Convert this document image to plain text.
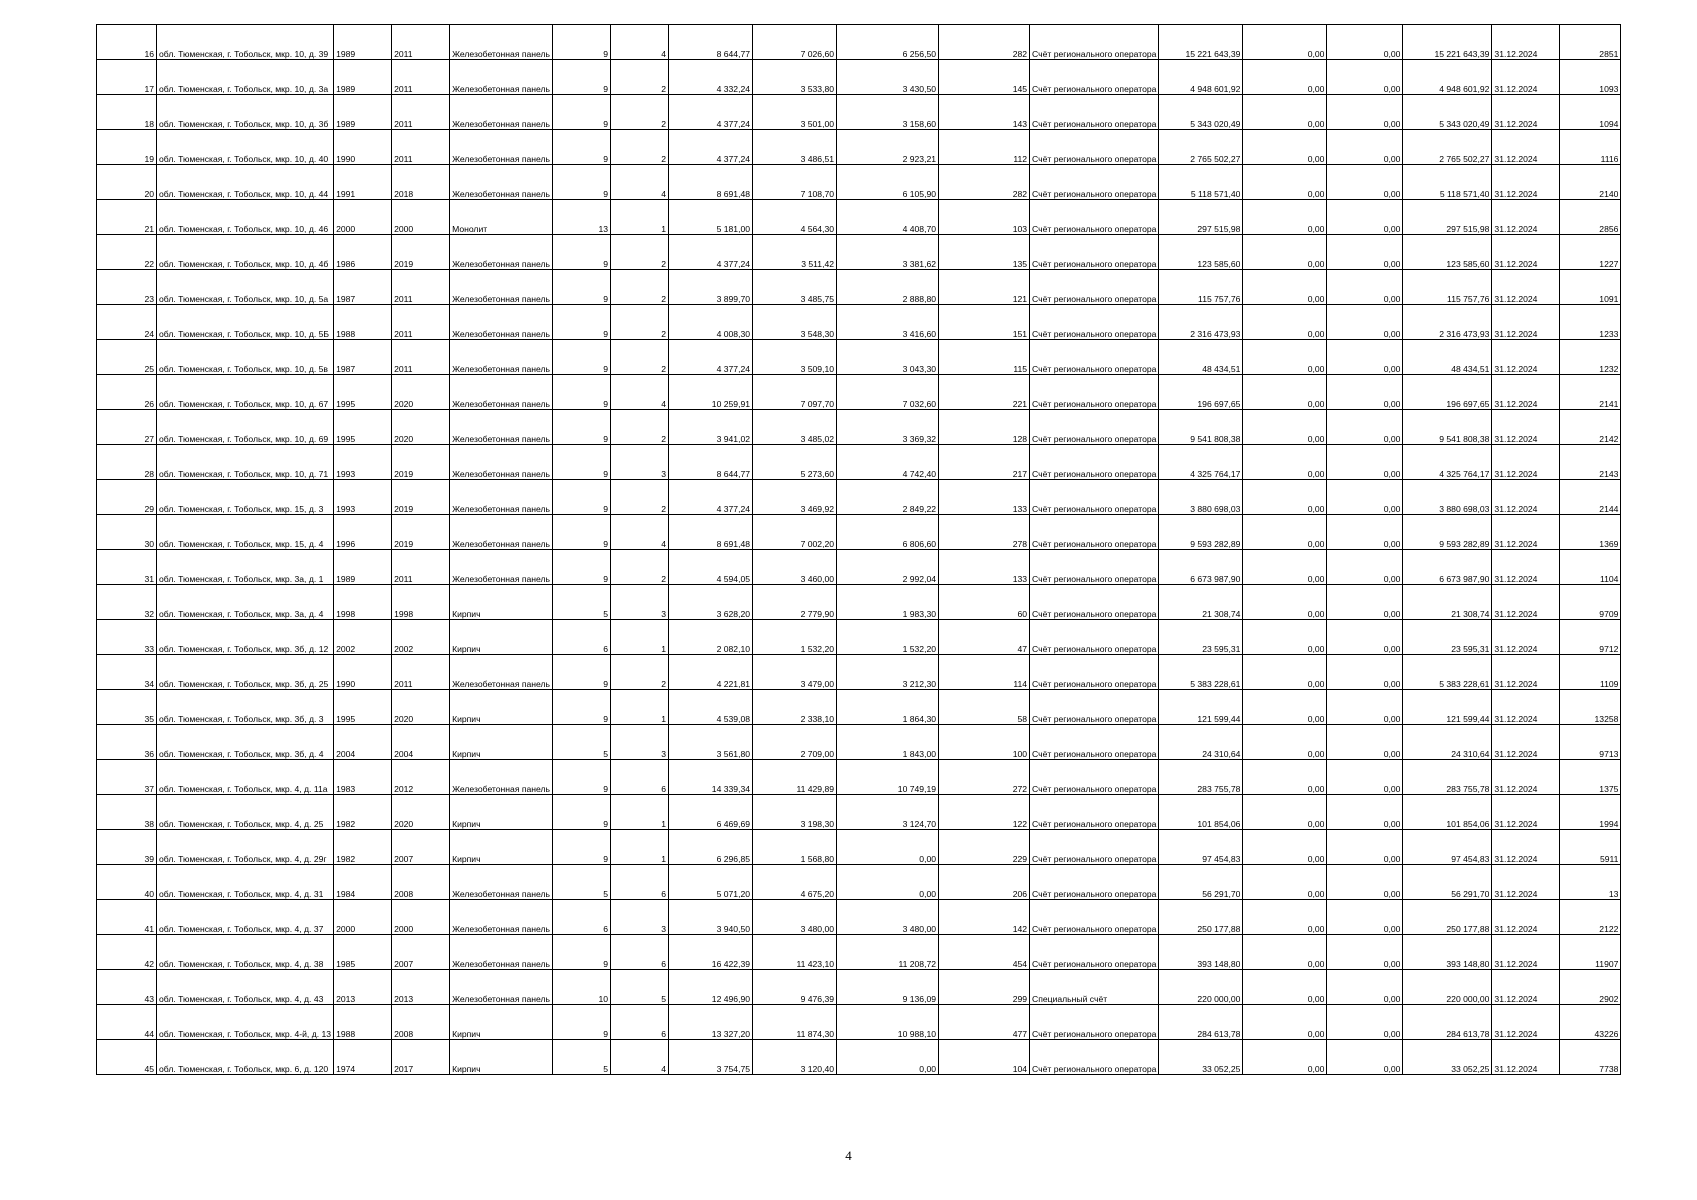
16	обл. Тюменская, г. Тобольск, мкр. 10, д. 39	1989	2011	Железобетонная панель	9	4	8 644,77	7 026,60	6 256,50	282	Счёт регионального оператора	15 221 643,39	0,00	0,00	15 221 643,39	31.12.2024	2851
17	обл. Тюменская, г. Тобольск, мкр. 10, д. 3а	1989	2011	Железобетонная панель	9	2	4 332,24	3 533,80	3 430,50	145	Счёт регионального оператора	4 948 601,92	0,00	0,00	4 948 601,92	31.12.2024	1093
18	обл. Тюменская, г. Тобольск, мкр. 10, д. 3б	1989	2011	Железобетонная панель	9	2	4 377,24	3 501,00	3 158,60	143	Счёт регионального оператора	5 343 020,49	0,00	0,00	5 343 020,49	31.12.2024	1094
19	обл. Тюменская, г. Тобольск, мкр. 10, д. 40	1990	2011	Железобетонная панель	9	2	4 377,24	3 486,51	2 923,21	112	Счёт регионального оператора	2 765 502,27	0,00	0,00	2 765 502,27	31.12.2024	1116
20	обл. Тюменская, г. Тобольск, мкр. 10, д. 44	1991	2018	Железобетонная панель	9	4	8 691,48	7 108,70	6 105,90	282	Счёт регионального оператора	5 118 571,40	0,00	0,00	5 118 571,40	31.12.2024	2140
21	обл. Тюменская, г. Тобольск, мкр. 10, д. 46	2000	2000	Монолит	13	1	5 181,00	4 564,30	4 408,70	103	Счёт регионального оператора	297 515,98	0,00	0,00	297 515,98	31.12.2024	2856
22	обл. Тюменская, г. Тобольск, мкр. 10, д. 4б	1986	2019	Железобетонная панель	9	2	4 377,24	3 511,42	3 381,62	135	Счёт регионального оператора	123 585,60	0,00	0,00	123 585,60	31.12.2024	1227
23	обл. Тюменская, г. Тобольск, мкр. 10, д. 5а	1987	2011	Железобетонная панель	9	2	3 899,70	3 485,75	2 888,80	121	Счёт регионального оператора	115 757,76	0,00	0,00	115 757,76	31.12.2024	1091
24	обл. Тюменская, г. Тобольск, мкр. 10, д. 5Б	1988	2011	Железобетонная панель	9	2	4 008,30	3 548,30	3 416,60	151	Счёт регионального оператора	2 316 473,93	0,00	0,00	2 316 473,93	31.12.2024	1233
25	обл. Тюменская, г. Тобольск, мкр. 10, д. 5в	1987	2011	Железобетонная панель	9	2	4 377,24	3 509,10	3 043,30	115	Счёт регионального оператора	48 434,51	0,00	0,00	48 434,51	31.12.2024	1232
26	обл. Тюменская, г. Тобольск, мкр. 10, д. 67	1995	2020	Железобетонная панель	9	4	10 259,91	7 097,70	7 032,60	221	Счёт регионального оператора	196 697,65	0,00	0,00	196 697,65	31.12.2024	2141
27	обл. Тюменская, г. Тобольск, мкр. 10, д. 69	1995	2020	Железобетонная панель	9	2	3 941,02	3 485,02	3 369,32	128	Счёт регионального оператора	9 541 808,38	0,00	0,00	9 541 808,38	31.12.2024	2142
28	обл. Тюменская, г. Тобольск, мкр. 10, д. 71	1993	2019	Железобетонная панель	9	3	8 644,77	5 273,60	4 742,40	217	Счёт регионального оператора	4 325 764,17	0,00	0,00	4 325 764,17	31.12.2024	2143
29	обл. Тюменская, г. Тобольск, мкр. 15, д. 3	1993	2019	Железобетонная панель	9	2	4 377,24	3 469,92	2 849,22	133	Счёт регионального оператора	3 880 698,03	0,00	0,00	3 880 698,03	31.12.2024	2144
30	обл. Тюменская, г. Тобольск, мкр. 15, д. 4	1996	2019	Железобетонная панель	9	4	8 691,48	7 002,20	6 806,60	278	Счёт регионального оператора	9 593 282,89	0,00	0,00	9 593 282,89	31.12.2024	1369
31	обл. Тюменская, г. Тобольск, мкр. 3а, д. 1	1989	2011	Железобетонная панель	9	2	4 594,05	3 460,00	2 992,04	133	Счёт регионального оператора	6 673 987,90	0,00	0,00	6 673 987,90	31.12.2024	1104
32	обл. Тюменская, г. Тобольск, мкр. 3а, д. 4	1998	1998	Кирпич	5	3	3 628,20	2 779,90	1 983,30	60	Счёт регионального оператора	21 308,74	0,00	0,00	21 308,74	31.12.2024	9709
33	обл. Тюменская, г. Тобольск, мкр. 3б, д. 12	2002	2002	Кирпич	6	1	2 082,10	1 532,20	1 532,20	47	Счёт регионального оператора	23 595,31	0,00	0,00	23 595,31	31.12.2024	9712
34	обл. Тюменская, г. Тобольск, мкр. 3б, д. 25	1990	2011	Железобетонная панель	9	2	4 221,81	3 479,00	3 212,30	114	Счёт регионального оператора	5 383 228,61	0,00	0,00	5 383 228,61	31.12.2024	1109
35	обл. Тюменская, г. Тобольск, мкр. 3б, д. 3	1995	2020	Кирпич	9	1	4 539,08	2 338,10	1 864,30	58	Счёт регионального оператора	121 599,44	0,00	0,00	121 599,44	31.12.2024	13258
36	обл. Тюменская, г. Тобольск, мкр. 3б, д. 4	2004	2004	Кирпич	5	3	3 561,80	2 709,00	1 843,00	100	Счёт регионального оператора	24 310,64	0,00	0,00	24 310,64	31.12.2024	9713
37	обл. Тюменская, г. Тобольск, мкр. 4, д. 11а	1983	2012	Железобетонная панель	9	6	14 339,34	11 429,89	10 749,19	272	Счёт регионального оператора	283 755,78	0,00	0,00	283 755,78	31.12.2024	1375
38	обл. Тюменская, г. Тобольск, мкр. 4, д. 25	1982	2020	Кирпич	9	1	6 469,69	3 198,30	3 124,70	122	Счёт регионального оператора	101 854,06	0,00	0,00	101 854,06	31.12.2024	1994
39	обл. Тюменская, г. Тобольск, мкр. 4, д. 29г	1982	2007	Кирпич	9	1	6 296,85	1 568,80	0,00	229	Счёт регионального оператора	97 454,83	0,00	0,00	97 454,83	31.12.2024	5911
40	обл. Тюменская, г. Тобольск, мкр. 4, д. 31	1984	2008	Железобетонная панель	5	6	5 071,20	4 675,20	0,00	206	Счёт регионального оператора	56 291,70	0,00	0,00	56 291,70	31.12.2024	13
41	обл. Тюменская, г. Тобольск, мкр. 4, д. 37	2000	2000	Железобетонная панель	6	3	3 940,50	3 480,00	3 480,00	142	Счёт регионального оператора	250 177,88	0,00	0,00	250 177,88	31.12.2024	2122
42	обл. Тюменская, г. Тобольск, мкр. 4, д. 38	1985	2007	Железобетонная панель	9	6	16 422,39	11 423,10	11 208,72	454	Счёт регионального оператора	393 148,80	0,00	0,00	393 148,80	31.12.2024	11907
43	обл. Тюменская, г. Тобольск, мкр. 4, д. 43	2013	2013	Железобетонная панель	10	5	12 496,90	9 476,39	9 136,09	299	Специальный счёт	220 000,00	0,00	0,00	220 000,00	31.12.2024	2902
44	обл. Тюменская, г. Тобольск, мкр. 4-й, д. 13	1988	2008	Кирпич	9	6	13 327,20	11 874,30	10 988,10	477	Счёт регионального оператора	284 613,78	0,00	0,00	284 613,78	31.12.2024	43226
45	обл. Тюменская, г. Тобольск, мкр. 6, д. 120	1974	2017	Кирпич	5	4	3 754,75	3 120,40	0,00	104	Счёт регионального оператора	33 052,25	0,00	0,00	33 052,25	31.12.2024	7738
4
